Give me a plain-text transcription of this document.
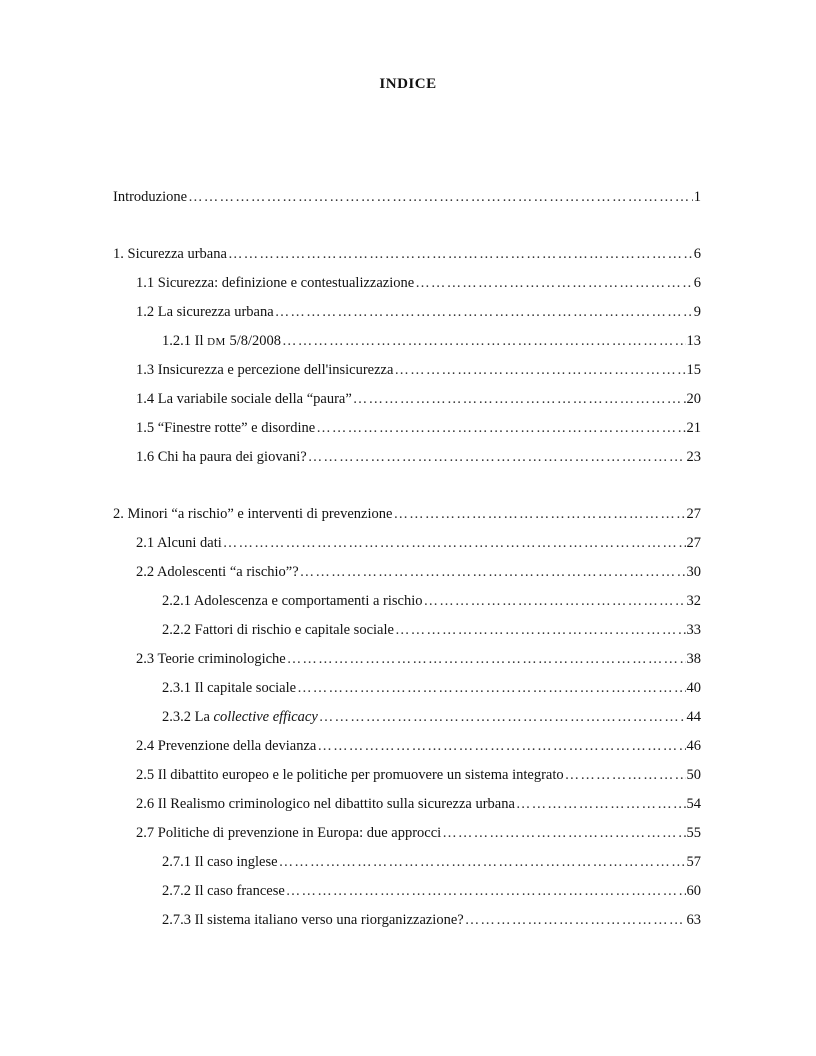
INDICE
Introduzione ……………………………………………………………………………………………………………………………………………………	1
1. Sicurezza urbana ……………………………………………………………………………………………………………………………………………………	6
1.1 Sicurezza: definizione e contestualizzazione ……………………………………………………………………………………………………………………………………………………	6
1.2 La sicurezza urbana ……………………………………………………………………………………………………………………………………………………	9
1.2.1 Il DM 5/8/2008 ……………………………………………………………………………………………………………………………………………………	13
1.3 Insicurezza e percezione dell'insicurezza ……………………………………………………………………………………………………………………………………………………	15
1.4 La variabile sociale della “paura” ……………………………………………………………………………………………………………………………………………………	20
1.5 “Finestre rotte” e disordine ……………………………………………………………………………………………………………………………………………………	21
1.6 Chi ha paura dei giovani? ……………………………………………………………………………………………………………………………………………………	23
2. Minori “a rischio” e interventi di prevenzione ……………………………………………………………………………………………………………………………………………………	27
2.1 Alcuni dati ……………………………………………………………………………………………………………………………………………………	27
2.2 Adolescenti “a rischio”? ……………………………………………………………………………………………………………………………………………………	30
2.2.1 Adolescenza e comportamenti a rischio ……………………………………………………………………………………………………………………………………………………	32
2.2.2 Fattori di rischio e capitale sociale ……………………………………………………………………………………………………………………………………………………	33
2.3 Teorie criminologiche ……………………………………………………………………………………………………………………………………………………	38
2.3.1 Il capitale sociale ……………………………………………………………………………………………………………………………………………………	40
2.3.2 La collective efficacy ……………………………………………………………………………………………………………………………………………………	44
2.4 Prevenzione della devianza ……………………………………………………………………………………………………………………………………………………	46
2.5 Il dibattito europeo e le politiche per promuovere un sistema integrato ……………………………………………………………………………………………………………………………………………………	50
2.6 Il Realismo criminologico nel dibattito sulla sicurezza urbana ……………………………………………………………………………………………………………………………………………………	54
2.7 Politiche di prevenzione in Europa: due approcci ……………………………………………………………………………………………………………………………………………………	55
2.7.1 Il caso inglese ……………………………………………………………………………………………………………………………………………………	57
2.7.2 Il caso francese ……………………………………………………………………………………………………………………………………………………	60
2.7.3 Il sistema italiano verso una riorganizzazione? ……………………………………………………………………………………………………………………………………………………	63
